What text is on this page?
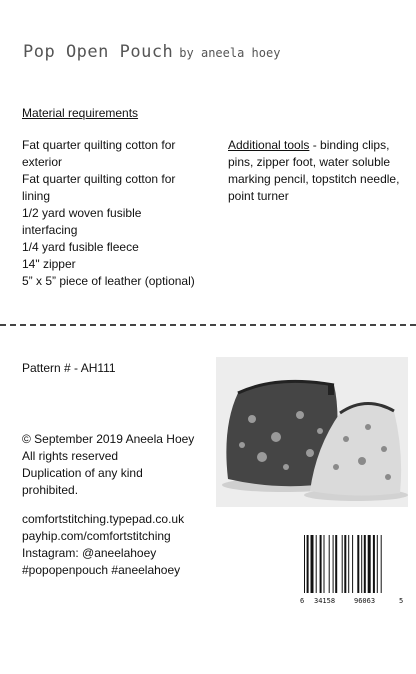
Pop Open Pouch by aneela hoey
Material requirements
Fat quarter quilting cotton for
exterior
Fat quarter quilting cotton for
lining
1/2 yard woven fusible
interfacing
1/4 yard fusible fleece
14" zipper
5” x 5” piece of leather (optional)

Additional tools - binding clips, pins, zipper foot, water soluble marking pencil, topstitch needle, point turner

Pattern # - AH111
© September 2019 Aneela Hoey
All rights reserved
Duplication of any kind
prohibited.
comfortstitching.typepad.co.uk
payhip.com/comfortstitching
Instagram: @aneelahoey
#popopenpouch #aneelahoey
6 34158	96063	5
